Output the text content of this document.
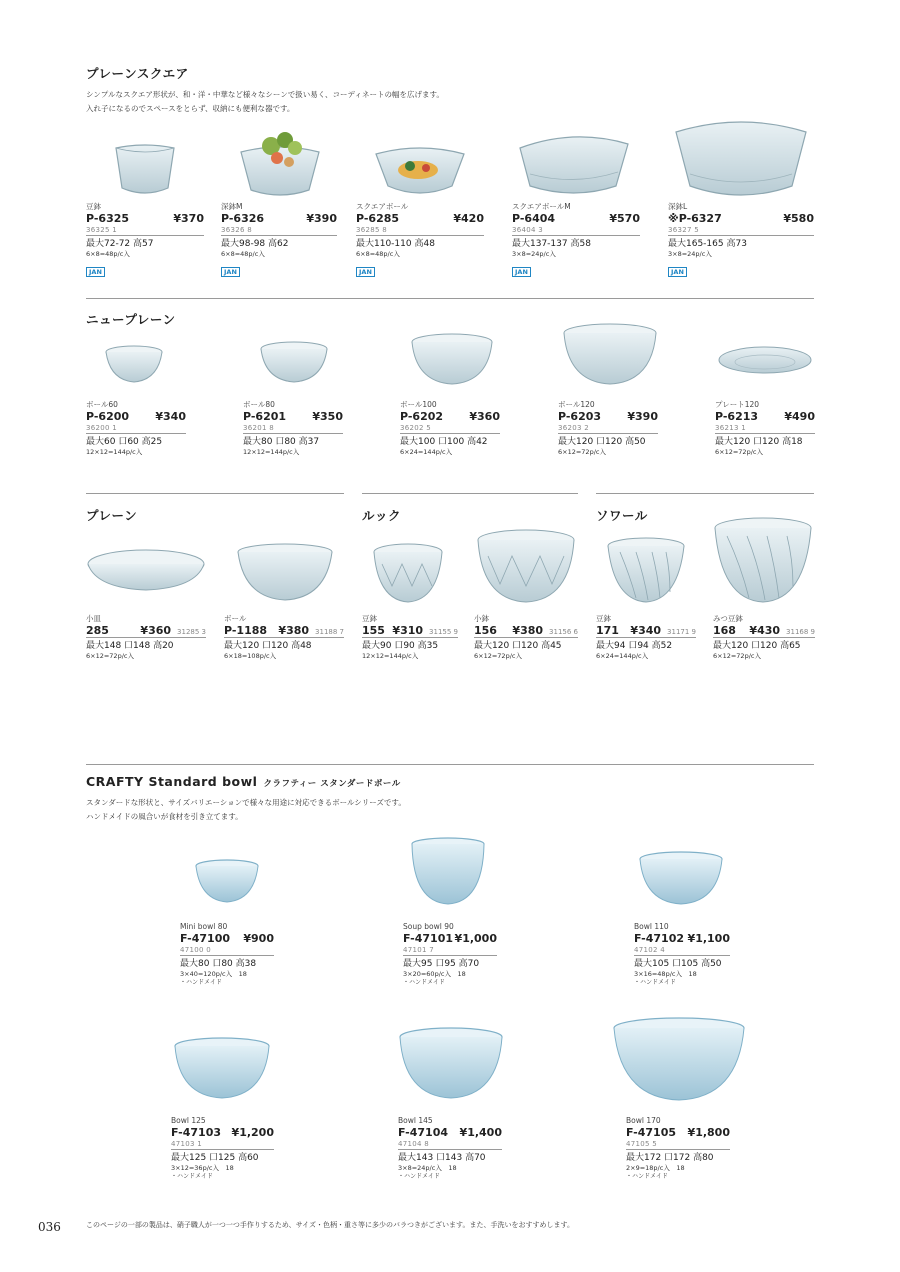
プレーンスクエア
シンプルなスクエア形状が、和・洋・中華など様々なシーンで扱い易く、コーディネートの幅を広げます。
入れ子になるのでスペースをとらず、収納にも便利な器です。
豆鉢
P-6325	¥370
36325 1
最大72-72 高57
6×8=48p/c入
JAN
深鉢M
P-6326	¥390
36326 8
最大98-98 高62
6×8=48p/c入
JAN
スクエアボール
P-6285	¥420
36285 8
最大110-110 高48
6×8=48p/c入
JAN
スクエアボールM
P-6404	¥570
36404 3
最大137-137 高58
3×8=24p/c入
JAN
深鉢L
※P-6327	¥580
36327 5
最大165-165 高73
3×8=24p/c入
JAN
ニュープレーン
ボール60
P-6200 ¥340
36200 1
最大60 口60 高25
12×12=144p/c入
ボール80
P-6201 ¥350
36201 8
最大80 口80 高37
12×12=144p/c入
ボール100
P-6202 ¥360
36202 5
最大100 口100 高42
6×24=144p/c入
ボール120
P-6203 ¥390
36203 2
最大120 口120 高50
6×12=72p/c入
プレート120
P-6213 ¥490
36213 1
最大120 口120 高18
6×12=72p/c入
プレーン	ルック	ソワール
小皿
285	¥360 31285 3
最大148 口148 高20
6×12=72p/c入
ボール
P-1188 ¥380 31188 7
最大120 口120 高48
6×18=108p/c入
豆鉢
155 ¥310 31155 9
最大90 口90 高35
12×12=144p/c入
小鉢
156 ¥380 31156 6
最大120 口120 高45
6×12=72p/c入
豆鉢
171 ¥340 31171 9
最大94 口94 高52
6×24=144p/c入
みつ豆鉢
168 ¥430 31168 9
最大120 口120 高65
6×12=72p/c入
CRAFTY Standard bowl クラフティー スタンダードボール
スタンダードな形状と、サイズバリエーションで様々な用途に対応できるボールシリーズです。
ハンドメイドの風合いが食材を引き立てます。
Mini bowl 80
F-47100 ¥900
47100 0
最大80 口80 高38
3×40=120p/c入　18
・ハンドメイド
Soup bowl 90
F-47101 ¥1,000
47101 7
最大95 口95 高70
3×20=60p/c入　18
・ハンドメイド
Bowl 110
F-47102 ¥1,100
47102 4
最大105 口105 高50
3×16=48p/c入　18
・ハンドメイド
Bowl 125
F-47103 ¥1,200
47103 1
最大125 口125 高60
3×12=36p/c入　18
・ハンドメイド
Bowl 145
F-47104 ¥1,400
47104 8
最大143 口143 高70
3×8=24p/c入　18
・ハンドメイド
Bowl 170
F-47105 ¥1,800
47105 5
最大172 口172 高80
2×9=18p/c入　18
・ハンドメイド
036	このページの一部の製品は、硝子職人が一つ一つ手作りするため、サイズ・色柄・重さ等に多少のバラつきがございます。また、手洗いをおすすめします。
